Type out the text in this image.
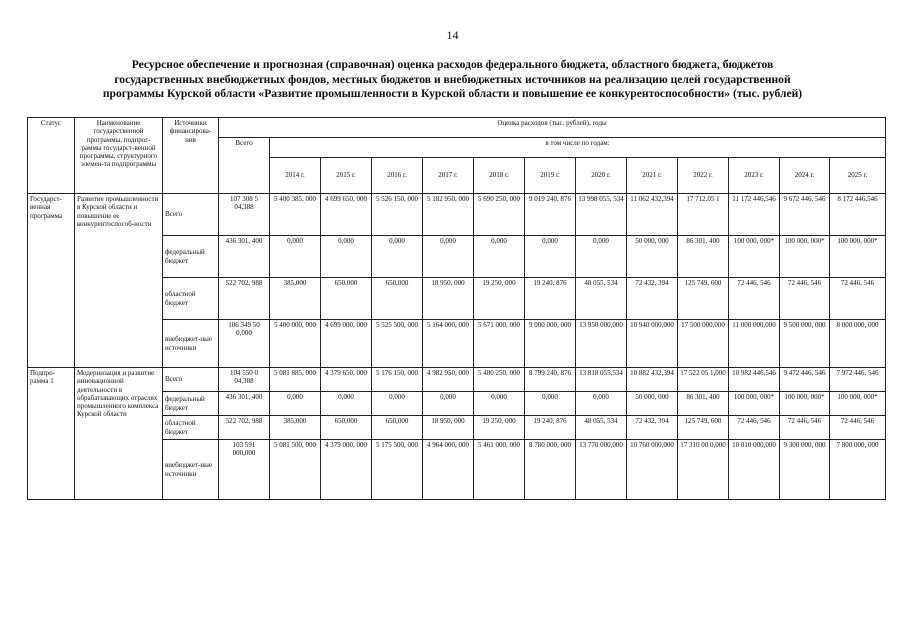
14
Ресурсное обеспечение и прогнозная (справочная) оценка расходов федерального бюджета, областного бюджета, бюджетов
государственных внебюджетных фондов, местных бюджетов и внебюджетных источников на реализацию целей государственной
программы Курской области «Развитие промышленности в Курской области и повышение ее конкурентоспособности» (тыс. рублей)
Статус	Наименование государственной программы, подпрог-раммы государст-венной программы, структурного элемен-та подпрограммы	Источники финансирова-ния	Оценка расходов (тыс. рублей), годы												
			Всего	в том числе по годам:											
				2014 г.	2015 г.	2016 г.	2017 г.	2018 г.	2019 г.	2020 г.	2021 г.	2022 г.	2023 г.	2024 г.	2025 г.
Государст-венная программа	Развитие промышленности в Курской области и повышение ее конкурентоспособ-ности	Всего	107 308 5 04,388	5 400 385, 000	4 699 650, 000	5 526 150, 000	5 182 950, 000	5 690 250, 000	9 019 240, 876	13 998 055, 534	11 062 432,394	17 712.05 1	11 172 446,546	9 672 446, 546	8 172 446,546
		федеральный бюджет	436 301, 400	0,000	0,000	0,000	0,000	0,000	0,000	0,000	50 000, 000	86 301, 400	100 000, 000*	100 000, 000*	100 000, 000*
		областной бюджет	522 702, 988	385,000	650,000	650,000	18 950, 000	19 250, 000	19 240, 876	48 055, 534	72 432, 394	125 749, 600	72 446, 546	72 446, 546	72 446, 546
		внебюджет-ные источники	106 349 50 0,000	5 400 000, 000	4 699 000, 000	5 525 500, 000	5 164 000, 000	5 671 000, 000	9 000 000, 000	13 950 000,000	10 940 000,000	17 500 000,000	11 000 000,000	9 500 000, 000	8 000 000, 000
Подпро-рамма 1	Модернизация и развитие инновационной деятельности в обрабатывающих отраслях промышленного комплекса Курской области	Всего	104 550 0 04,388	5 081 885, 000	4 379 650, 000	5 176 150, 000	4 982 950, 000	5 480 250, 000	8 799 240, 876	13 818 055,534	10 882 432,394	17 522 05 1,000	10 982 446,546	9 472 446, 546	7 972 446, 546
		федеральный бюджет	436 301, 400	0,000	0,000	0,000	0,000	0,000	0,000	0,000	50 000, 000	86 301, 400	100 000, 000*	100 000, 000*	100 000, 000*
		областной бюджет	522 702, 988	385,000	650,000	650,000	18 950, 000	19 250, 000	19 240, 876	48 055, 534	72 432, 394	125 749, 600	72 446, 546	72 446, 546	72 446, 546
		внебюджет-ные источники	103 591 000,000	5 081 500, 000	4 379 000, 000	5 175 500, 000	4 964 000, 000	5 461 000, 000	8 780 000, 000	13 770 000,000	10 760 000,000	17 310 00 0,000	10 810 000,000	9 300 000, 000	7 800 000, 000
